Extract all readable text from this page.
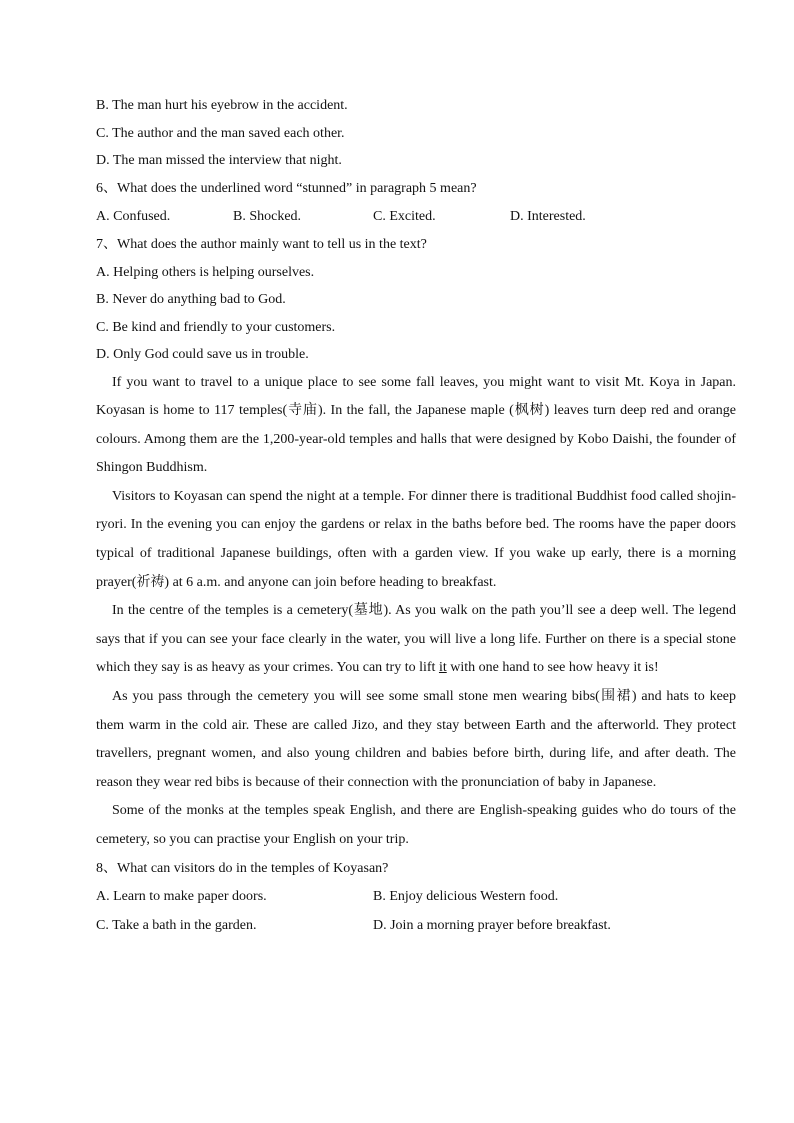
B. The man hurt his eyebrow in the accident.

C. The author and the man saved each other.

D. The man missed the interview that night.

6、What does the underlined word “stunned” in paragraph 5 mean?

A. Confused.	B. Shocked.	C. Excited.	D. Interested.

7、What does the author mainly want to tell us in the text?

A. Helping others is helping ourselves.

B. Never do anything bad to God.

C. Be kind and friendly to your customers.

D. Only God could save us in trouble.

If you want to travel to a unique place to see some fall leaves, you might want to visit Mt. Koya in Japan. Koyasan is home to 117 temples(寺庙). In the fall, the Japanese maple (枫树) leaves turn deep red and orange colours. Among them are the 1,200-year-old temples and halls that were designed by Kobo Daishi, the founder of Shingon Buddhism.

Visitors to Koyasan can spend the night at a temple. For dinner there is traditional Buddhist food called shojin-ryori. In the evening you can enjoy the gardens or relax in the baths before bed. The rooms have the paper doors typical of traditional Japanese buildings, often with a garden view. If you wake up early, there is a morning prayer(祈祷) at 6 a.m. and anyone can join before heading to breakfast.

In the centre of the temples is a cemetery(墓地). As you walk on the path you’ll see a deep well. The legend says that if you can see your face clearly in the water, you will live a long life. Further on there is a special stone which they say is as heavy as your crimes. You can try to lift it with one hand to see how heavy it is!

As you pass through the cemetery you will see some small stone men wearing bibs(围裙) and hats to keep them warm in the cold air. These are called Jizo, and they stay between Earth and the afterworld. They protect travellers, pregnant women, and also young children and babies before birth, during life, and after death. The reason they wear red bibs is because of their connection with the pronunciation of baby in Japanese.

Some of the monks at the temples speak English, and there are English-speaking guides who do tours of the cemetery, so you can practise your English on your trip.

8、What can visitors do in the temples of Koyasan?

A. Learn to make paper doors.	B. Enjoy delicious Western food.
C. Take a bath in the garden.	D. Join a morning prayer before breakfast.
